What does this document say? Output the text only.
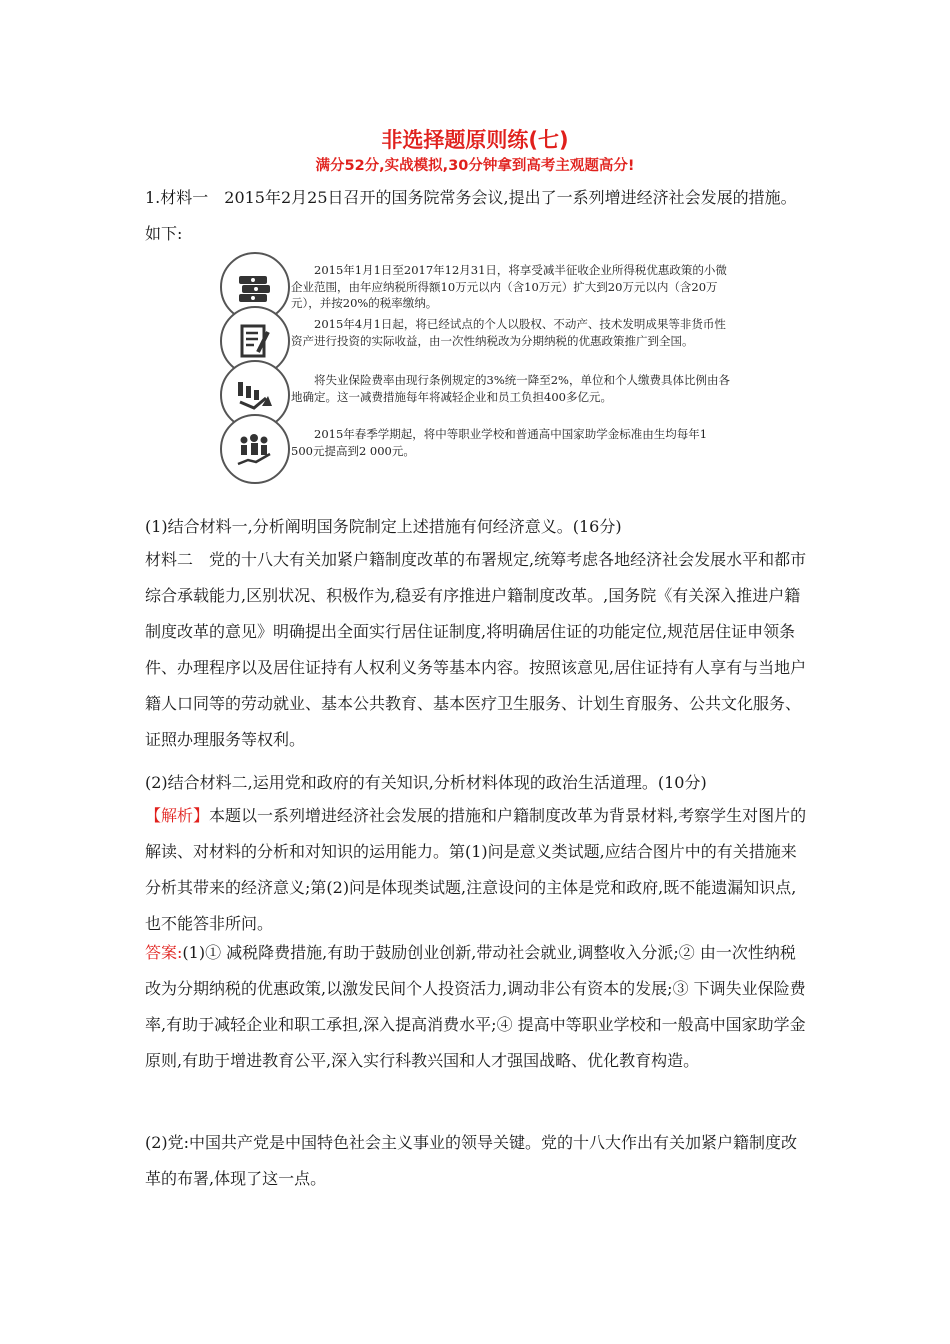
非选择题原则练(七)
满分52分,实战模拟,30分钟拿到高考主观题高分!

1.材料一　2015年2月25日召开的国务院常务会议,提出了一系列增进经济社会发展的措施。如下:

　　2015年1月1日至2017年12月31日，将享受减半征收企业所得税优惠政策的小微企业范围，由年应纳税所得额10万元以内（含10万元）扩大到20万元以内（含20万元），并按20%的税率缴纳。

　　2015年4月1日起，将已经试点的个人以股权、不动产、技术发明成果等非货币性资产进行投资的实际收益，由一次性纳税改为分期纳税的优惠政策推广到全国。

　　将失业保险费率由现行条例规定的3%统一降至2%，单位和个人缴费具体比例由各地确定。这一减费措施每年将减轻企业和员工负担400多亿元。

　　2015年春季学期起，将中等职业学校和普通高中国家助学金标准由生均每年1 500元提高到2 000元。

(1)结合材料一,分析阐明国务院制定上述措施有何经济意义。(16分)

材料二　党的十八大有关加紧户籍制度改革的布署规定,统筹考虑各地经济社会发展水平和都市综合承载能力,区别状况、积极作为,稳妥有序推进户籍制度改革。,国务院《有关深入推进户籍制度改革的意见》明确提出全面实行居住证制度,将明确居住证的功能定位,规范居住证申领条件、办理程序以及居住证持有人权利义务等基本内容。按照该意见,居住证持有人享有与当地户籍人口同等的劳动就业、基本公共教育、基本医疗卫生服务、计划生育服务、公共文化服务、证照办理服务等权利。

(2)结合材料二,运用党和政府的有关知识,分析材料体现的政治生活道理。(10分)

【解析】本题以一系列增进经济社会发展的措施和户籍制度改革为背景材料,考察学生对图片的解读、对材料的分析和对知识的运用能力。第(1)问是意义类试题,应结合图片中的有关措施来分析其带来的经济意义;第(2)问是体现类试题,注意设问的主体是党和政府,既不能遗漏知识点,也不能答非所问。

答案:(1)① 减税降费措施,有助于鼓励创业创新,带动社会就业,调整收入分派;② 由一次性纳税改为分期纳税的优惠政策,以激发民间个人投资活力,调动非公有资本的发展;③ 下调失业保险费率,有助于减轻企业和职工承担,深入提高消费水平;④ 提高中等职业学校和一般高中国家助学金原则,有助于增进教育公平,深入实行科教兴国和人才强国战略、优化教育构造。

(2)党:中国共产党是中国特色社会主义事业的领导关键。党的十八大作出有关加紧户籍制度改革的布署,体现了这一点。
